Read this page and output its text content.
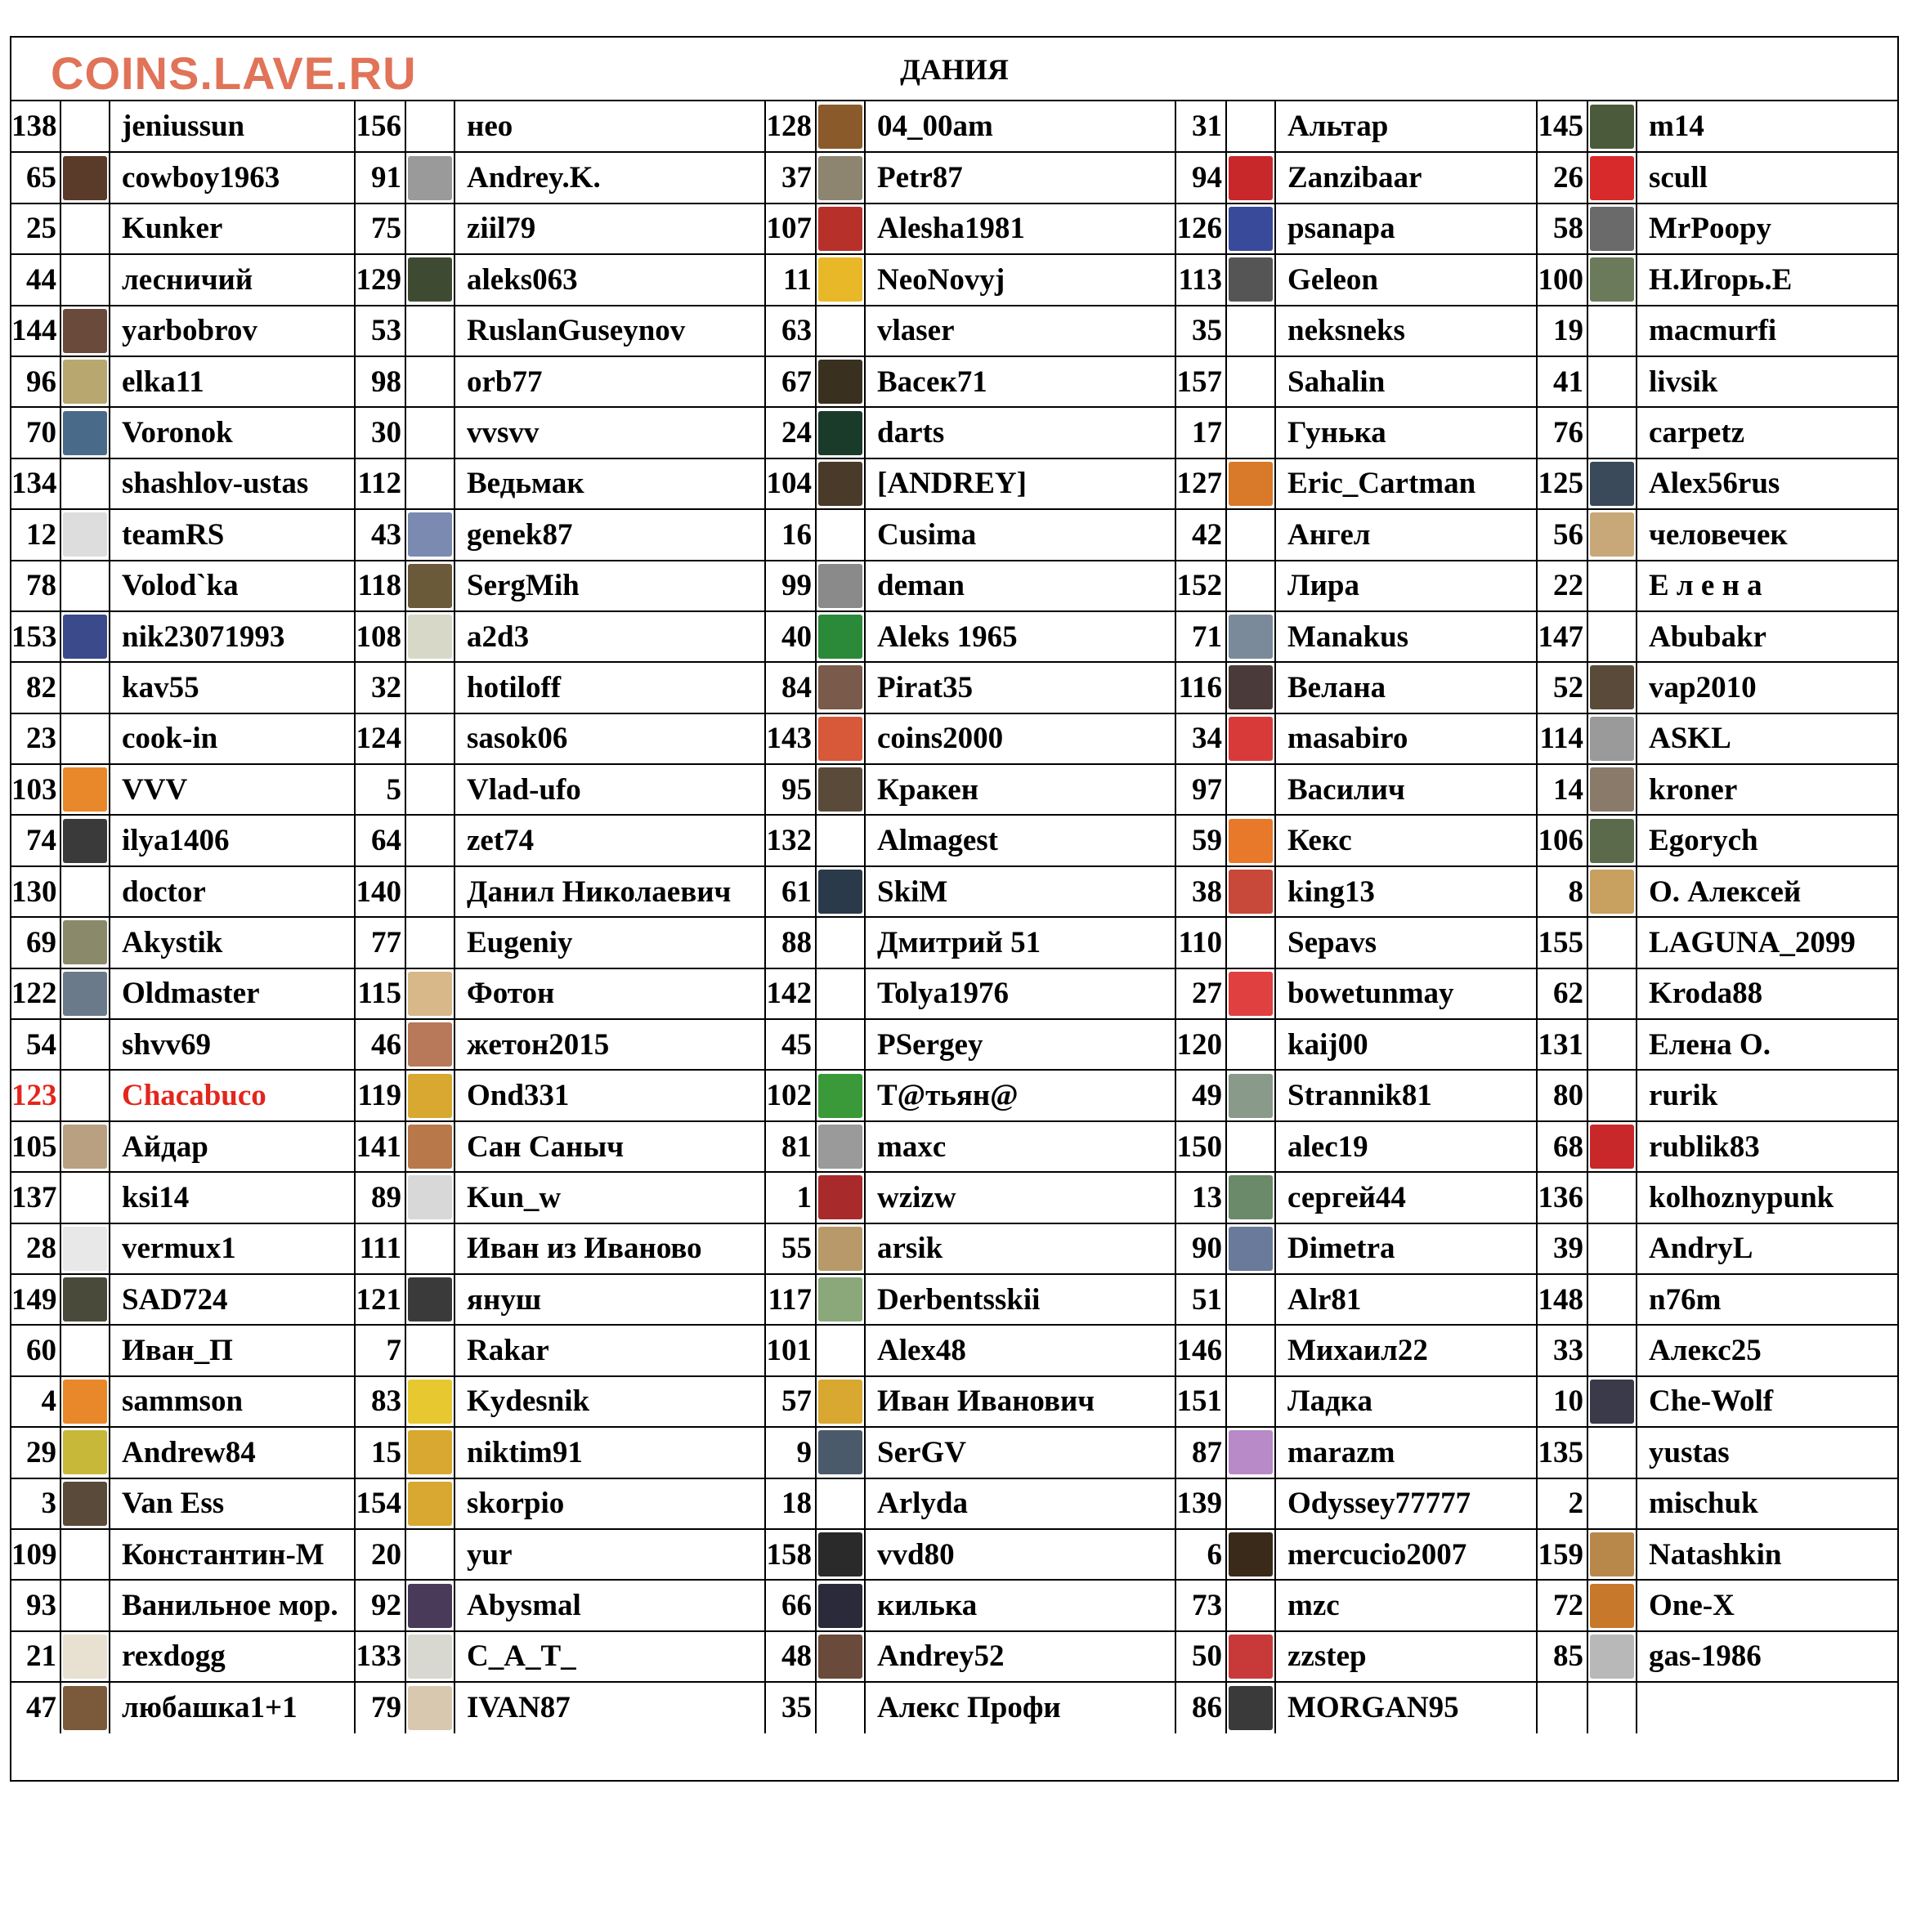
COINS.LAVE.RU	ДАНИЯ
138		jeniussun	156		нео	128		04_00am	31		Альтар	145		m14
65		cowboy1963	91		Andrey.K.	37		Petr87	94		Zanzibaar	26		scull
25		Kunker	75		ziil79	107		Alesha1981	126		psanapa	58		MrPoopy
44		лесничий	129		aleks063	11		NeoNovyj	113		Geleon	100		Н.Игорь.Е
144		yarbobrov	53		RuslanGuseynov	63		vlaser	35		neksneks	19		macmurfi
96		elka11	98		orb77	67		Васек71	157		Sahalin	41		livsik
70		Voronok	30		vvsvv	24		darts	17		Гунька	76		carpetz
134		shashlov-ustas	112		Ведьмак	104		[ANDREY]	127		Eric_Cartman	125		Alex56rus
12		teamRS	43		genek87	16		Cusima	42		Ангел	56		человечек
78		Volod`ka	118		SergMih	99		deman	152		Лира	22		Е л е н а
153		nik23071993	108		a2d3	40		Aleks 1965	71		Manakus	147		Abubakr
82		kav55	32		hotiloff	84		Pirat35	116		Велана	52		vap2010
23		cook-in	124		sasok06	143		coins2000	34		masabiro	114		ASKL
103		VVV	5		Vlad-ufo	95		Кракен	97		Василич	14		kroner
74		ilya1406	64		zet74	132		Almagest	59		Кекс	106		Egorych
130		doctor	140		Данил Николаевич	61		SkiM	38		king13	8		О. Алексей
69		Akystik	77		Eugeniy	88		Дмитрий 51	110		Sepavs	155		LAGUNA_2099
122		Oldmaster	115		Фотон	142		Tolya1976	27		bowetunmay	62		Kroda88
54		shvv69	46		жетон2015	45		PSergey	120		kaij00	131		Елена О.
123		Chacabuco	119		Ond331	102		T@тьян@	49		Strannik81	80		rurik
105		Айдар	141		Сан Саныч	81		maxc	150		alec19	68		rublik83
137		ksi14	89		Kun_w	1		wzizw	13		сергей44	136		kolhoznypunk
28		vermux1	111		Иван из Иваново	55		arsik	90		Dimetra	39		AndryL
149		SAD724	121		януш	117		Derbentsskii	51		Alr81	148		n76m
60		Иван_П	7		Rakar	101		Alex48	146		Михаил22	33		Алекс25
4		sammson	83		Kydesnik	57		Иван Иванович	151		Ладка	10		Che-Wolf
29		Andrew84	15		niktim91	9		SerGV	87		marazm	135		yustas
3		Van Ess	154		skorpio	18		Arlyda	139		Odyssey77777	2		mischuk
109		Константин-М	20		yur	158		vvd80	6		mercucio2007	159		Natashkin
93		Ванильное мор.	92		Abysmal	66		килька	73		mzc	72		One-X
21		rexdogg	133		C_A_T_	48		Andrey52	50		zzstep	85		gas-1986
47		любашка1+1	79		IVAN87	35		Алекс Профи	86		MORGAN95			
